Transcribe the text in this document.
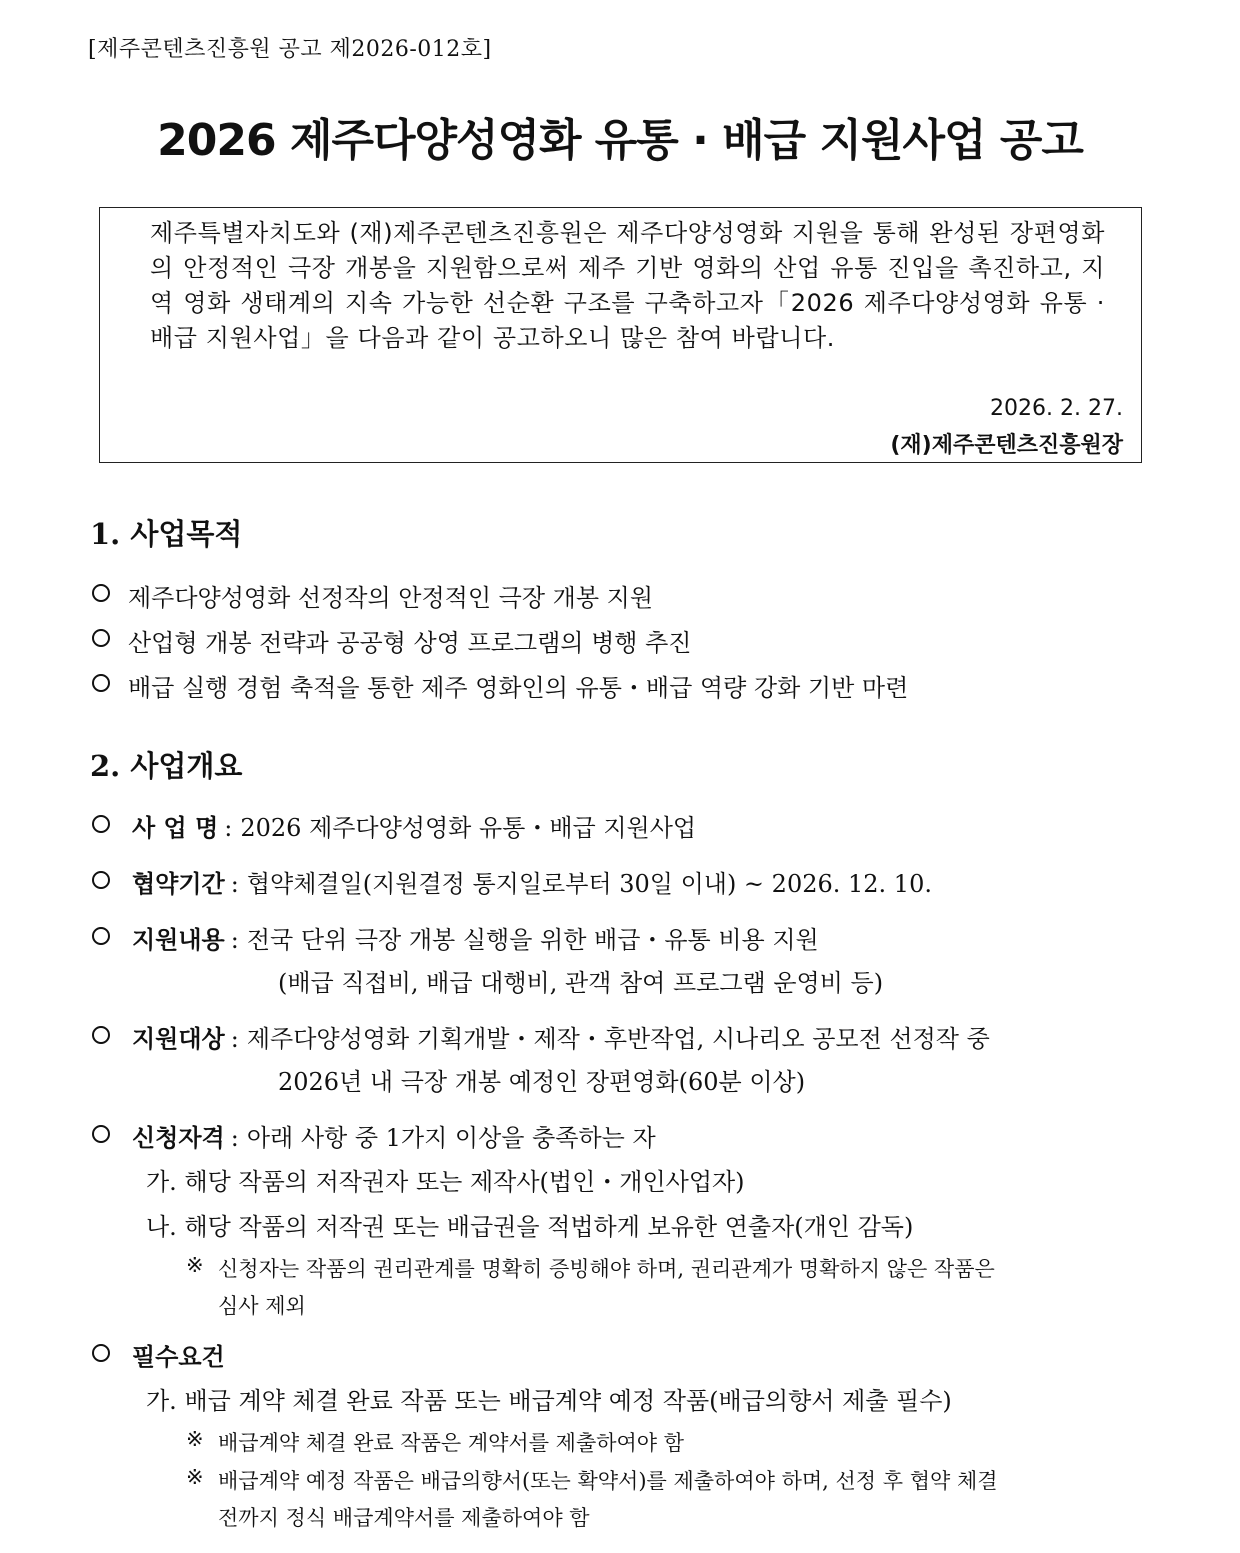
[제주콘텐츠진흥원 공고 제2026-012호]
2026 제주다양성영화 유통 · 배급 지원사업 공고
제주특별자치도와 (재)제주콘텐츠진흥원은 제주다양성영화 지원을 통해 완성된 장편영화의 안정적인 극장 개봉을 지원함으로써 제주 기반 영화의 산업 유통 진입을 촉진하고, 지역 영화 생태계의 지속 가능한 선순환 구조를 구축하고자「2026 제주다양성영화 유통 · 배급 지원사업」을 다음과 같이 공고하오니 많은 참여 바랍니다.
2026. 2. 27.
(재)제주콘텐츠진흥원장
1. 사업목적
제주다양성영화 선정작의 안정적인 극장 개봉 지원
산업형 개봉 전략과 공공형 상영 프로그램의 병행 추진
배급 실행 경험 축적을 통한 제주 영화인의 유통・배급 역량 강화 기반 마련
2. 사업개요
사 업 명 : 2026 제주다양성영화 유통・배급 지원사업
협약기간 : 협약체결일(지원결정 통지일로부터 30일 이내) ~ 2026. 12. 10.
지원내용 : 전국 단위 극장 개봉 실행을 위한 배급・유통 비용 지원
(배급 직접비, 배급 대행비, 관객 참여 프로그램 운영비 등)
지원대상 : 제주다양성영화 기획개발・제작・후반작업, 시나리오 공모전 선정작 중
2026년 내 극장 개봉 예정인 장편영화(60분 이상)
신청자격 : 아래 사항 중 1가지 이상을 충족하는 자
가. 해당 작품의 저작권자 또는 제작사(법인・개인사업자)
나. 해당 작품의 저작권 또는 배급권을 적법하게 보유한 연출자(개인 감독)
※ 신청자는 작품의 권리관계를 명확히 증빙해야 하며, 권리관계가 명확하지 않은 작품은
심사 제외
필수요건
가. 배급 계약 체결 완료 작품 또는 배급계약 예정 작품(배급의향서 제출 필수)
※ 배급계약 체결 완료 작품은 계약서를 제출하여야 함
※ 배급계약 예정 작품은 배급의향서(또는 확약서)를 제출하여야 하며, 선정 후 협약 체결
전까지 정식 배급계약서를 제출하여야 함
